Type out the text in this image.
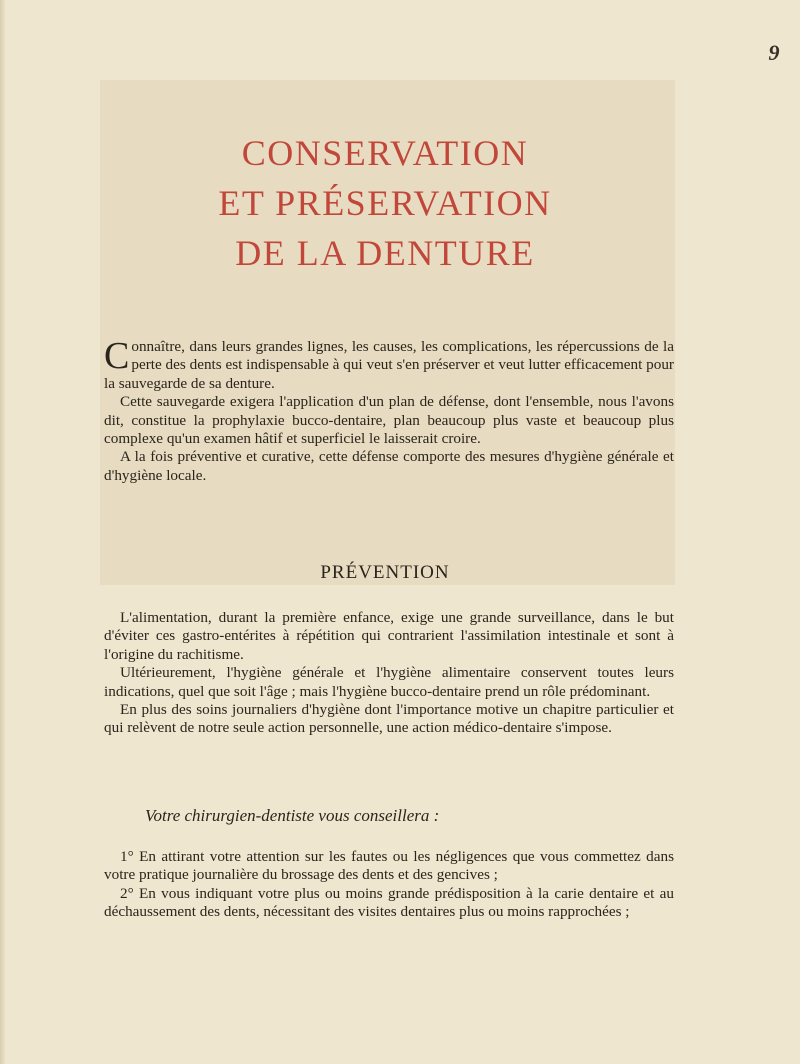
9
CONSERVATION
ET PRÉSERVATION
DE LA DENTURE

Connaître, dans leurs grandes lignes, les causes, les complications, les répercussions de la perte des dents est indispensable à qui veut s'en préserver et veut lutter efficacement pour la sauvegarde de sa denture.

Cette sauvegarde exigera l'application d'un plan de défense, dont l'ensemble, nous l'avons dit, constitue la prophylaxie bucco-dentaire, plan beaucoup plus vaste et beaucoup plus complexe qu'un examen hâtif et superficiel le laisserait croire.

A la fois préventive et curative, cette défense comporte des mesures d'hygiène générale et d'hygiène locale.

PRÉVENTION

L'alimentation, durant la première enfance, exige une grande surveillance, dans le but d'éviter ces gastro-entérites à répétition qui contrarient l'assimilation intestinale et sont à l'origine du rachitisme.

Ultérieurement, l'hygiène générale et l'hygiène alimentaire conservent toutes leurs indications, quel que soit l'âge ; mais l'hygiène bucco-dentaire prend un rôle prédominant.

En plus des soins journaliers d'hygiène dont l'importance motive un chapitre particulier et qui relèvent de notre seule action personnelle, une action médico-dentaire s'impose.

Votre chirurgien-dentiste vous conseillera :

1° En attirant votre attention sur les fautes ou les négligences que vous commettez dans votre pratique journalière du brossage des dents et des gencives ;

2° En vous indiquant votre plus ou moins grande prédisposition à la carie dentaire et au déchaussement des dents, nécessitant des visites dentaires plus ou moins rapprochées ;
